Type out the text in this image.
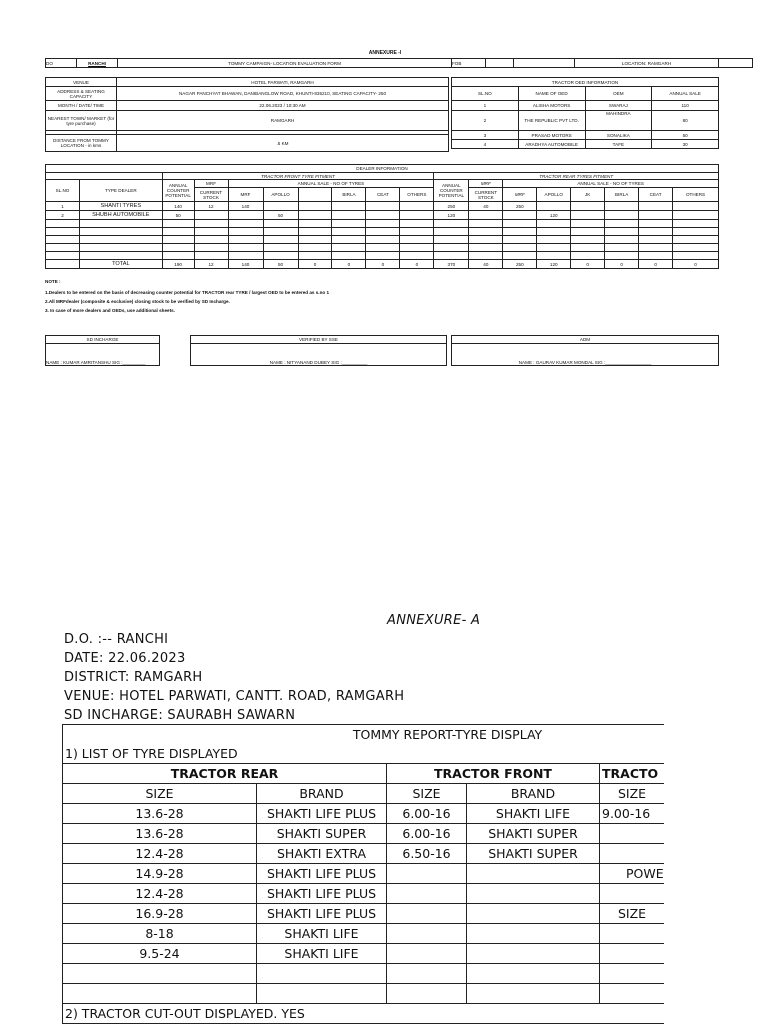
ANNEXURE -I
DO	RANCHI	TOMMY CAMPAIGN- LOCATION EVALUATION FORM	FOB			LOCATION: RAMGARH	
VENUE	HOTEL PARWATI, RAMGARH
ADDRESS & SEATING CAPACITY	NAGAR PANCHYAT BHAWAN, DANIBANGLOW ROAD, KHUNTI-835210, SEATING CAPACITY- 250
MONTH / DATE/ TIME	22.06.2023 / 10:30 AM
NEAREST TOWN/ MARKET (for tyre purchase)	RAMGARH

DISTANCE FROM TOMMY LOCATION - in kms	.5 KM
TRACTOR OED INFORMATION			
SL.NO	NAME OF OED	OEM	ANNUAL SALE
1	ALISHA MOTORS	SWARAJ	110
2	THE REPUBLIC PVT LTD.	MAHINDRA	80
3	PRASAD MOTORS	SONALIKA	50
4	ARADHYA AUTOMOBILE	TAFE	30
DEALER INFORMATION																	
		TRACTOR FRONT TYRE FITMENT								TRACTOR REAR TYRES FITMENT							
SL.NO	TYPE DEALER	ANNUAL COUNTER POTENTIAL	MRF	ANNUAL SALE - NO OF TYRES						ANNUAL COUNTER POTENTIAL	MRF	ANNUAL SALE - NO OF TYRES					
			CURRENT STOCK	MRF	APOLLO		BIRLA	CEAT	OTHERS		CURRENT STOCK	MRF	APOLLO	JK	BIRLA	CEAT	OTHERS
1	SHANTI TYRES	140	12	140						250	40	250					
2	SHUBH AUTOMOBILE	50			50					120			120				

	TOTAL	190	12	140	50	0	0	0	0	370	40	250	120	0	0	0	0
NOTE :
1.Dealers to be entered on the basis of decreasing counter potential for TRACTOR rear TYRE / largest OED to be entered as s.no 1
2.All MRFdealer (composite & exclusive) closing stock to be verified by SD Incharge.
3. In case of more dealers and OEDs, use additional sheets.
SD INCHARGE
NAME : KUMAR AMRITANSHU SIG :_________
VERIFIED BY SSE
NAME : NITYANAND DUBEY SIG :__________
ADM
NAME : GAURAV KUMAR MONDAL SIG :__________________
ANNEXURE- A
D.O. :-- RANCHI
DATE: 22.06.2023
DISTRICT: RAMGARH
VENUE: HOTEL PARWATI, CANTT. ROAD, RAMGARH
SD INCHARGE: SAURABH SAWARN
TOMMY REPORT-TYRE DISPLAY				
1) LIST OF TYRE DISPLAYED				
TRACTOR REAR		TRACTOR FRONT		TRACTO
SIZE	BRAND	SIZE	BRAND	SIZE
13.6-28	SHAKTI LIFE PLUS	6.00-16	SHAKTI LIFE	9.00-16
13.6-28	SHAKTI SUPER	6.00-16	SHAKTI SUPER	
12.4-28	SHAKTI EXTRA	6.50-16	SHAKTI SUPER	
14.9-28	SHAKTI LIFE PLUS			POWE
12.4-28	SHAKTI LIFE PLUS			
16.9-28	SHAKTI LIFE PLUS			SIZE
8-18	SHAKTI LIFE			
9.5-24	SHAKTI LIFE			

2) TRACTOR CUT-OUT DISPLAYED. YES				
